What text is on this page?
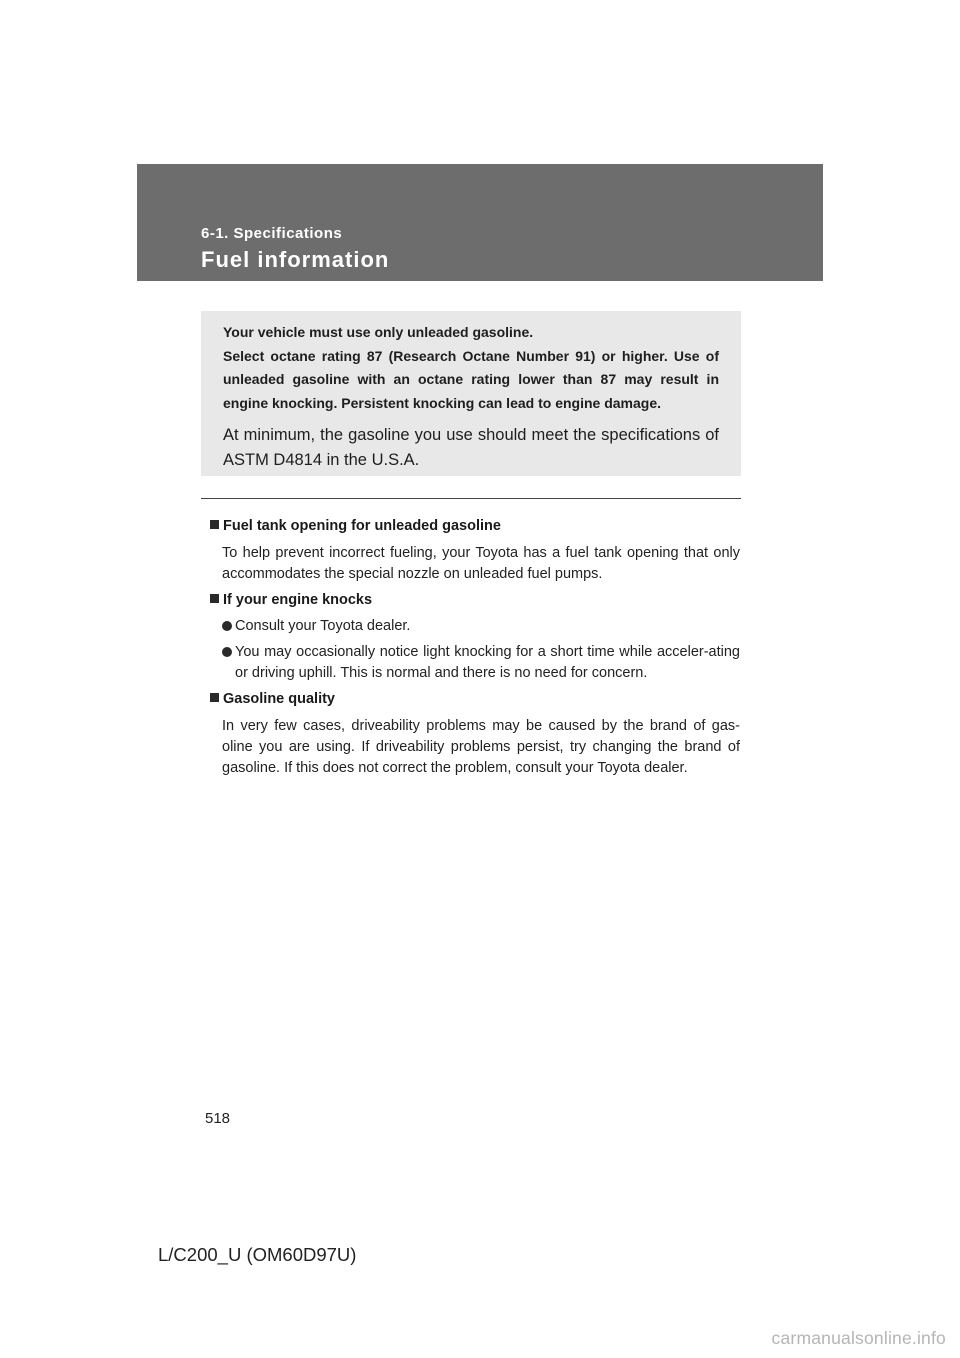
6-1. Specifications
Fuel information
Your vehicle must use only unleaded gasoline.
Select octane rating 87 (Research Octane Number 91) or higher. Use of unleaded gasoline with an octane rating lower than 87 may result in engine knocking. Persistent knocking can lead to engine damage.
At minimum, the gasoline you use should meet the specifications of ASTM D4814 in the U.S.A.
Fuel tank opening for unleaded gasoline
To help prevent incorrect fueling, your Toyota has a fuel tank opening that only accommodates the special nozzle on unleaded fuel pumps.
If your engine knocks
Consult your Toyota dealer.
You may occasionally notice light knocking for a short time while acceler-ating or driving uphill. This is normal and there is no need for concern.
Gasoline quality
In very few cases, driveability problems may be caused by the brand of gas-oline you are using. If driveability problems persist, try changing the brand of gasoline. If this does not correct the problem, consult your Toyota dealer.
518
L/C200_U (OM60D97U)
carmanualsonline.info
